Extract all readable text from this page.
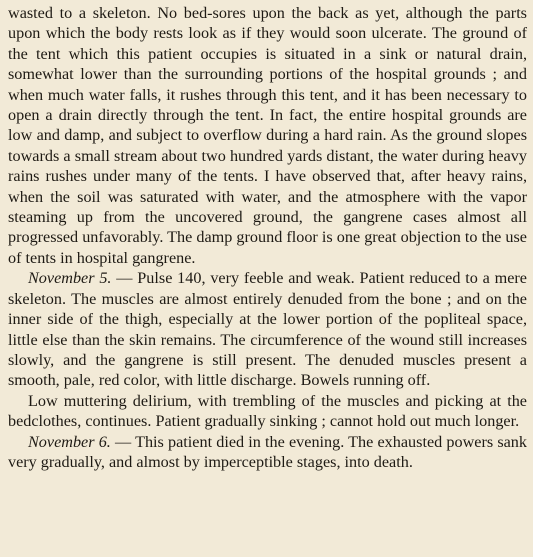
wasted to a skeleton. No bed-sores upon the back as yet, although the parts upon which the body rests look as if they would soon ulcerate. The ground of the tent which this patient occupies is situated in a sink or natural drain, somewhat lower than the surrounding portions of the hospital grounds ; and when much water falls, it rushes through this tent, and it has been necessary to open a drain directly through the tent. In fact, the entire hospital grounds are low and damp, and subject to overflow during a hard rain. As the ground slopes towards a small stream about two hundred yards distant, the water during heavy rains rushes under many of the tents. I have observed that, after heavy rains, when the soil was saturated with water, and the atmosphere with the vapor steaming up from the uncovered ground, the gangrene cases almost all progressed unfavorably. The damp ground floor is one great objection to the use of tents in hospital gangrene.

November 5. — Pulse 140, very feeble and weak. Patient reduced to a mere skeleton. The muscles are almost entirely denuded from the bone ; and on the inner side of the thigh, especially at the lower portion of the popliteal space, little else than the skin remains. The circumference of the wound still increases slowly, and the gangrene is still present. The denuded muscles present a smooth, pale, red color, with little discharge. Bowels running off.

Low muttering delirium, with trembling of the muscles and picking at the bedclothes, continues. Patient gradually sinking ; cannot hold out much longer.

November 6. — This patient died in the evening. The exhausted powers sank very gradually, and almost by imperceptible stages, into death.
